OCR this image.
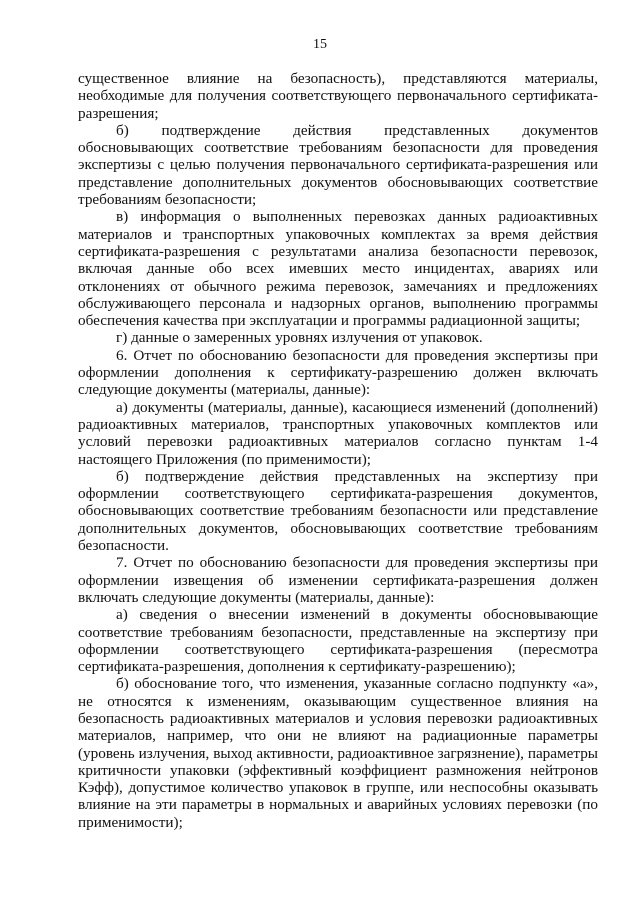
15

существенное влияние на безопасность), представляются материалы, необходимые для получения соответствующего первоначального сертификата-разрешения;

б) подтверждение действия представленных документов обосновывающих соответствие требованиям безопасности для проведения экспертизы с целью получения первоначального сертификата-разрешения или представление дополнительных документов обосновывающих соответствие требованиям безопасности;

в) информация о выполненных перевозках данных радиоактивных материалов и транспортных упаковочных комплектах за время действия сертификата-разрешения с результатами анализа безопасности перевозок, включая данные обо всех имевших место инцидентах, авариях или отклонениях от обычного режима перевозок, замечаниях и предложениях обслуживающего персонала и надзорных органов, выполнению программы обеспечения качества при эксплуатации и программы радиационной защиты;

г) данные о замеренных уровнях излучения от упаковок.

6. Отчет по обоснованию безопасности для проведения экспертизы при оформлении дополнения к сертификату-разрешению должен включать следующие документы (материалы, данные):

а) документы (материалы, данные), касающиеся изменений (дополнений) радиоактивных материалов, транспортных упаковочных комплектов или условий перевозки радиоактивных материалов согласно пунктам 1-4 настоящего Приложения (по применимости);

б) подтверждение действия представленных на экспертизу при оформлении соответствующего сертификата-разрешения документов, обосновывающих соответствие требованиям безопасности или представление дополнительных документов, обосновывающих соответствие требованиям безопасности.

7. Отчет по обоснованию безопасности для проведения экспертизы при оформлении извещения об изменении сертификата-разрешения должен включать следующие документы (материалы, данные):

а) сведения о внесении изменений в документы обосновывающие соответствие требованиям безопасности, представленные на экспертизу при оформлении соответствующего сертификата-разрешения (пересмотра сертификата-разрешения, дополнения к сертификату-разрешению);

б) обоснование того, что изменения, указанные согласно подпункту «а», не относятся к изменениям, оказывающим существенное влияния на безопасность радиоактивных материалов и условия перевозки радиоактивных материалов, например, что они не влияют на радиационные параметры (уровень излучения, выход активности, радиоактивное загрязнение), параметры критичности упаковки (эффективный коэффициент размножения нейтронов Кэфф), допустимое количество упаковок в группе, или неспособны оказывать влияние на эти параметры в нормальных и аварийных условиях перевозки (по применимости);
